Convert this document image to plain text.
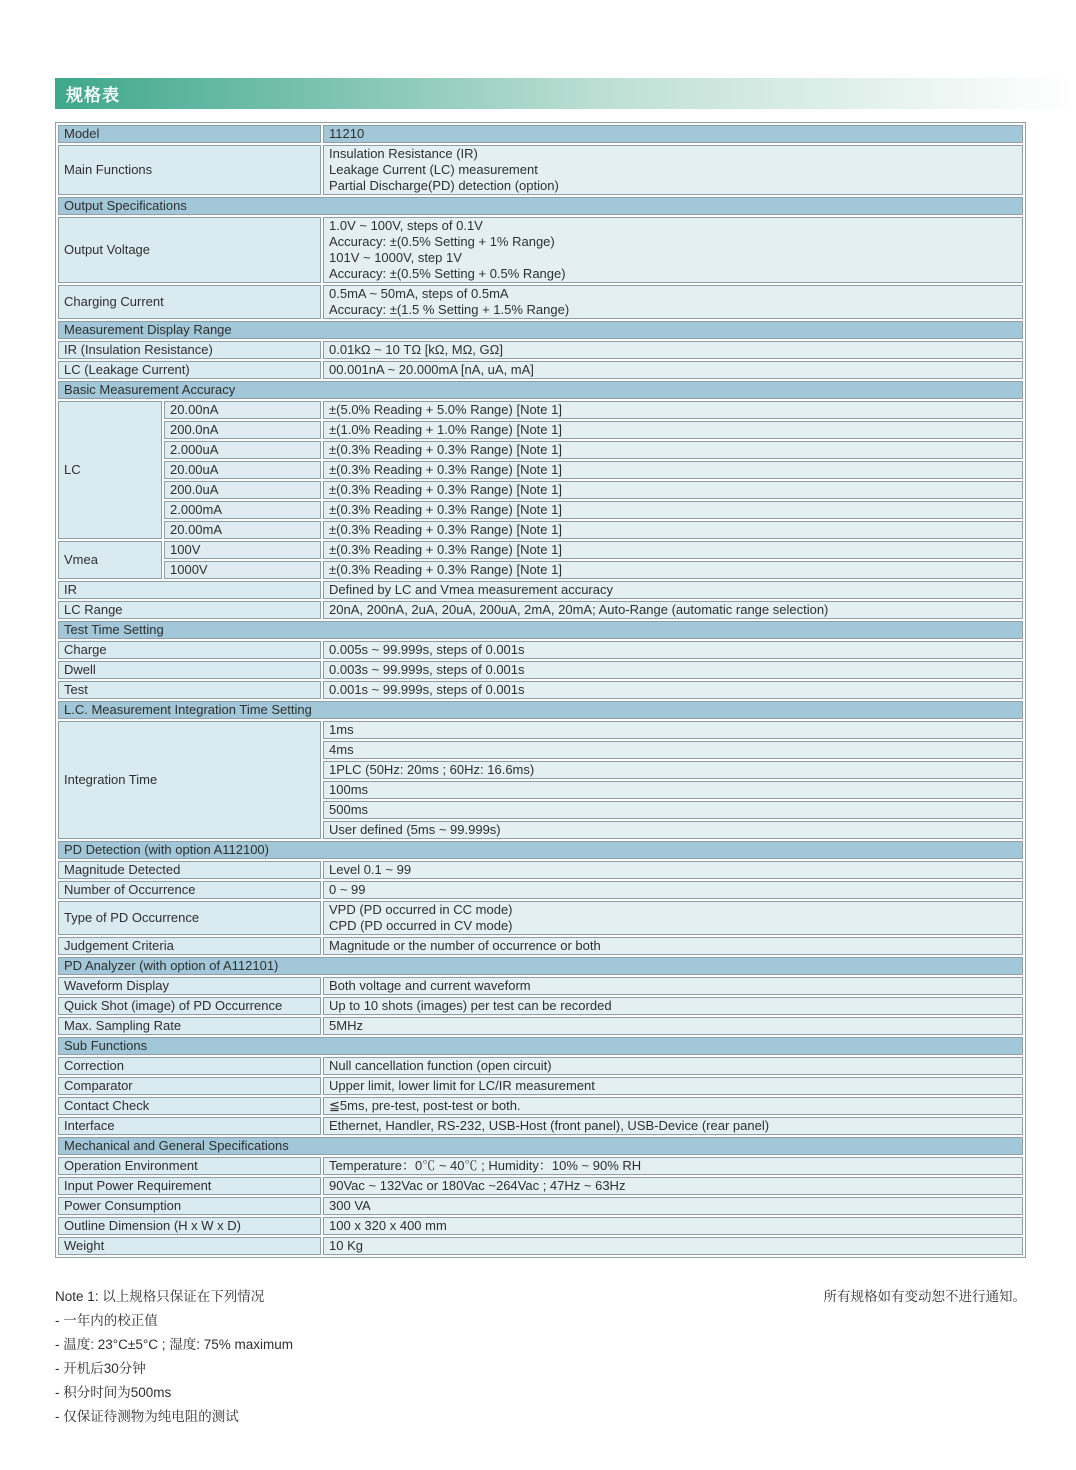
规格表
Model		11210
Main Functions		Insulation Resistance (IR)
Leakage Current (LC) measurement
Partial Discharge(PD) detection (option)
Output Specifications		
Output Voltage		1.0V ~ 100V, steps of 0.1V
Accuracy: ±(0.5% Setting + 1% Range)
101V ~ 1000V, step 1V
Accuracy: ±(0.5% Setting + 0.5% Range)
Charging Current		0.5mA ~ 50mA, steps of 0.5mA
Accuracy: ±(1.5 % Setting + 1.5% Range)
Measurement Display Range		
IR (Insulation Resistance)		0.01kΩ ~ 10 TΩ [kΩ, MΩ, GΩ]
LC (Leakage Current)		00.001nA ~ 20.000mA [nA, uA, mA]
Basic Measurement Accuracy		
LC	20.00nA	±(5.0% Reading + 5.0% Range) [Note 1]
	200.0nA	±(1.0% Reading + 1.0% Range) [Note 1]
	2.000uA	±(0.3% Reading + 0.3% Range) [Note 1]
	20.00uA	±(0.3% Reading + 0.3% Range) [Note 1]
	200.0uA	±(0.3% Reading + 0.3% Range) [Note 1]
	2.000mA	±(0.3% Reading + 0.3% Range) [Note 1]
	20.00mA	±(0.3% Reading + 0.3% Range) [Note 1]
Vmea	100V	±(0.3% Reading + 0.3% Range) [Note 1]
	1000V	±(0.3% Reading + 0.3% Range) [Note 1]
IR		Defined by LC and Vmea measurement accuracy
LC Range		20nA, 200nA, 2uA, 20uA, 200uA, 2mA, 20mA; Auto-Range (automatic range selection)
Test Time Setting		
Charge		0.005s ~ 99.999s, steps of 0.001s
Dwell		0.003s ~ 99.999s, steps of 0.001s
Test		0.001s ~ 99.999s, steps of 0.001s
L.C. Measurement Integration Time Setting		
Integration Time		1ms
		4ms
		1PLC (50Hz: 20ms ; 60Hz: 16.6ms)
		100ms
		500ms
		User defined (5ms ~ 99.999s)
PD Detection (with option A112100)		
Magnitude Detected		Level 0.1 ~ 99
Number of Occurrence		0 ~ 99
Type of PD Occurrence		VPD (PD occurred in CC mode)
CPD (PD occurred in CV mode)
Judgement Criteria		Magnitude or the number of occurrence or both
PD Analyzer (with option of A112101)		
Waveform Display		Both voltage and current waveform
Quick Shot (image) of PD Occurrence		Up to 10 shots (images) per test can be recorded
Max. Sampling Rate		5MHz
Sub Functions		
Correction		Null cancellation function (open circuit)
Comparator		Upper limit, lower limit for LC/IR measurement
Contact Check		≦5ms, pre-test, post-test or both.
Interface		Ethernet, Handler, RS-232, USB-Host (front panel), USB-Device (rear panel)
Mechanical and General Specifications		
Operation Environment		Temperature：0℃ ~ 40℃ ; Humidity：10% ~ 90% RH
Input Power Requirement		90Vac ~ 132Vac or 180Vac ~264Vac ; 47Hz ~ 63Hz
Power Consumption		300 VA
Outline Dimension (H x W x D)		100 x 320 x 400 mm
Weight		10 Kg
Note 1: 以上规格只保证在下列情况	所有规格如有变动恕不进行通知。
- 一年内的校正值
- 温度: 23°C±5°C ; 湿度: 75% maximum
- 开机后30分钟
- 积分时间为500ms
- 仅保证待测物为纯电阻的测试
